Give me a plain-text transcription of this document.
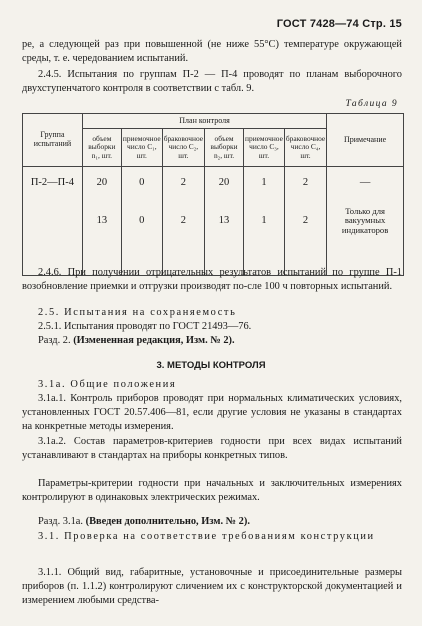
ГОСТ 7428—74 Стр. 15

ре, а следующей раз при повышенной (не ниже 55°С) температуре окружающей среды, т. е. чередованием испытаний.

2.4.5. Испытания по группам П-2 — П-4 проводят по планам выборочного двухступенчатого контроля в соответствии с табл. 9.

Таблица 9
Группа испытаний	План контроля						Примечание
	объем выборки n₁, шт.	приемочное число C₁, шт.	браковочное число C₂, шт.	объем выборки n₂, шт.	приемочное число C₃, шт.	браковочное число C₄, шт.	

П-2—П-4	20	0	2	20	1	2	—
	13	0	2	13	1	2	Только для вакуумных индикаторов

2.4.6. При получении отрицательных результатов испытаний по группе П-1 возобновление приемки и отгрузки производят по-сле 100 ч повторных испытаний.

2.5. Испытания на сохраняемость

2.5.1. Испытания проводят по ГОСТ 21493—76.

Разд. 2. (Измененная редакция, Изм. № 2).

3. МЕТОДЫ КОНТРОЛЯ

3.1а. Общие положения

3.1а.1. Контроль приборов проводят при нормальных климатических условиях, установленных ГОСТ 20.57.406—81, если другие условия не указаны в стандартах на конкретные методы измерения.

3.1а.2. Состав параметров-критериев годности при всех видах испытаний устанавливают в стандартах на приборы конкретных типов.

Параметры-критерии годности при начальных и заключительных измерениях контролируют в одинаковых электрических режимах.

Разд. 3.1а. (Введен дополнительно, Изм. № 2).

3.1. Проверка на соответствие требованиям конструкции

3.1.1. Общий вид, габаритные, установочные и присоединительные размеры приборов (п. 1.1.2) контролируют сличением их с конструкторской документацией и измерением любыми средства-
